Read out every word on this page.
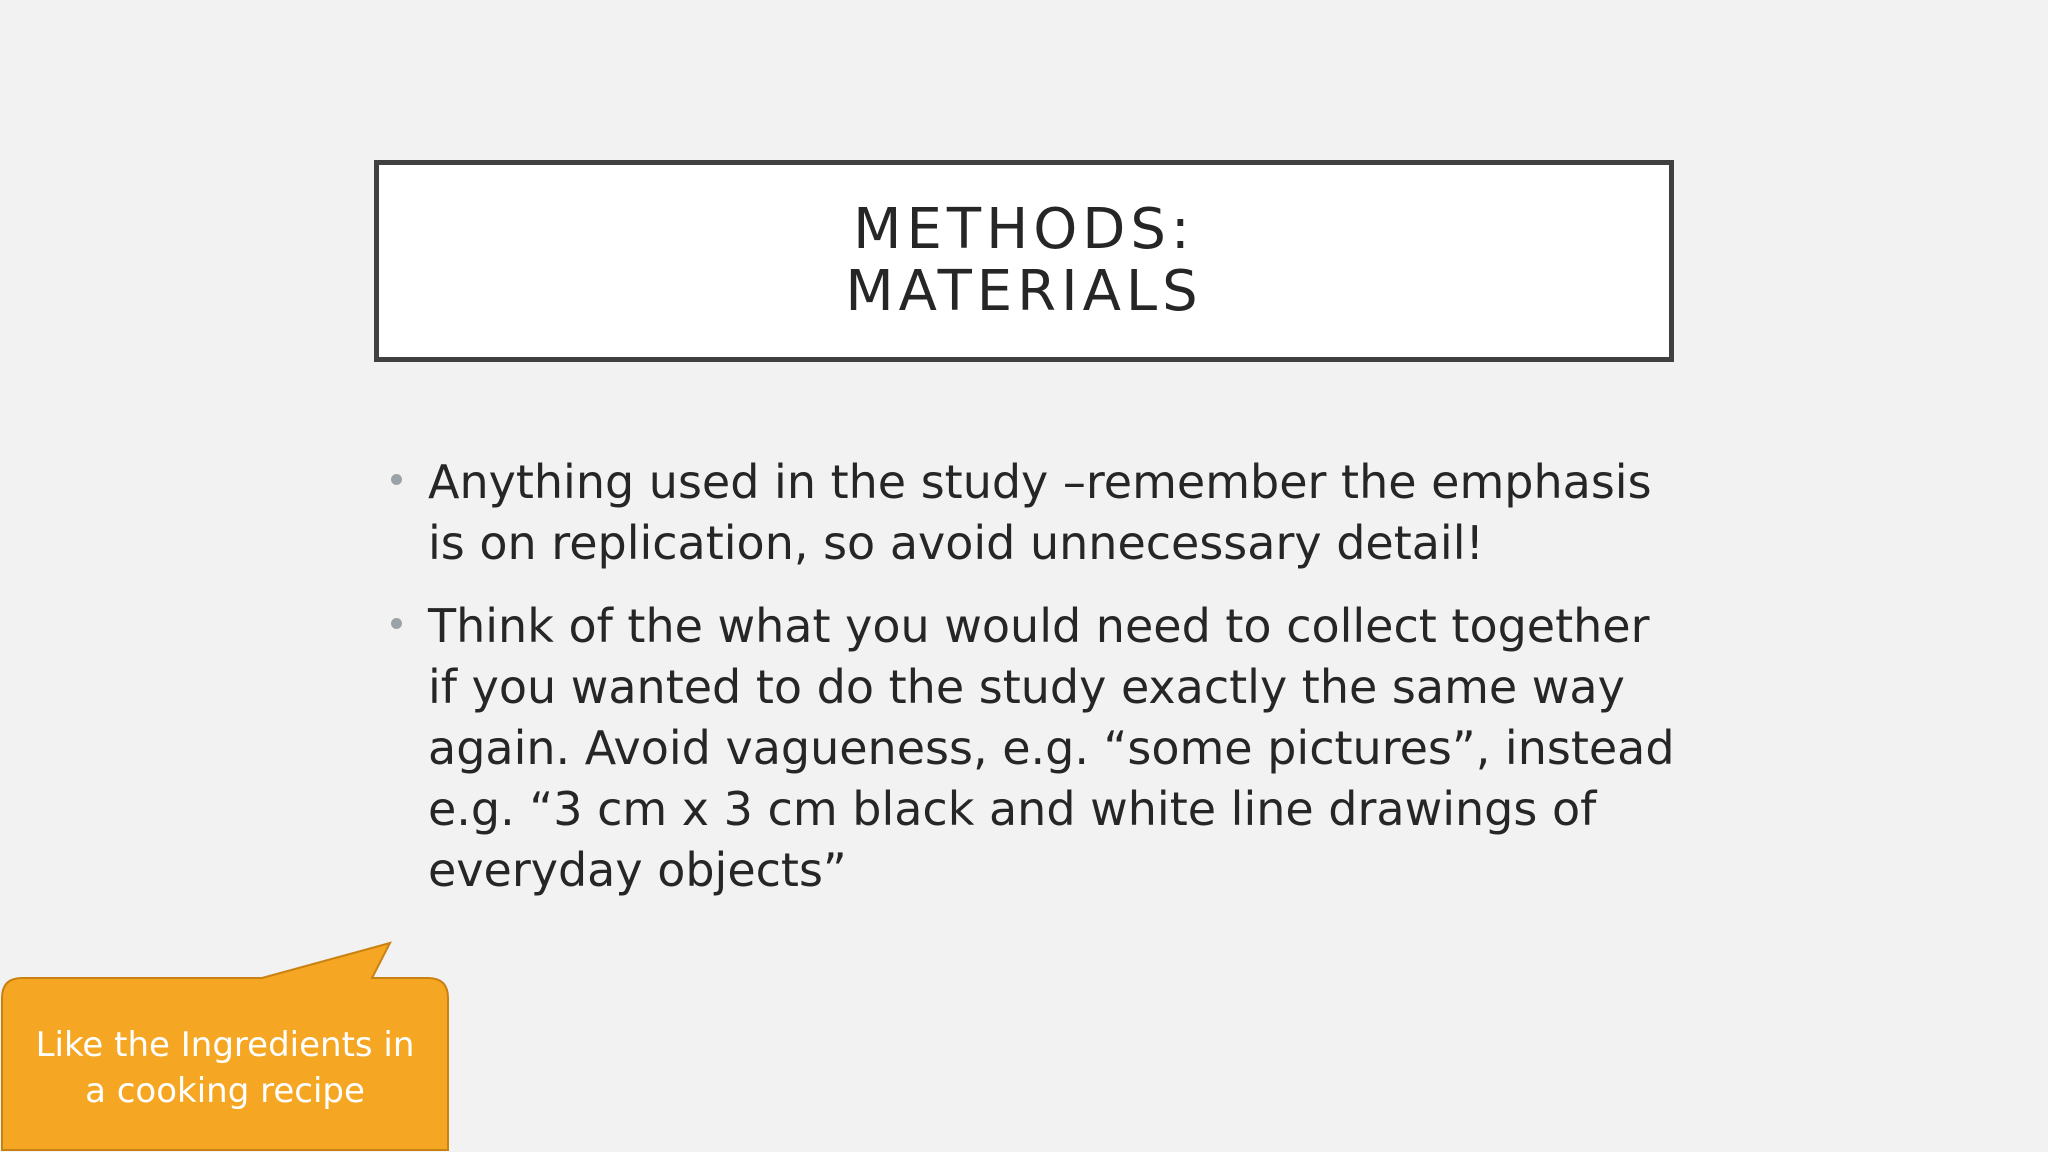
METHODS:
MATERIALS
Anything used in the study –remember the emphasis is on replication, so avoid unnecessary detail!
Think of the what you would need to collect together if you wanted to do the study exactly the same way again. Avoid vagueness, e.g. “some pictures”, instead e.g. “3 cm x 3 cm black and white line drawings of everyday objects”
Like the Ingredients in
a cooking recipe
